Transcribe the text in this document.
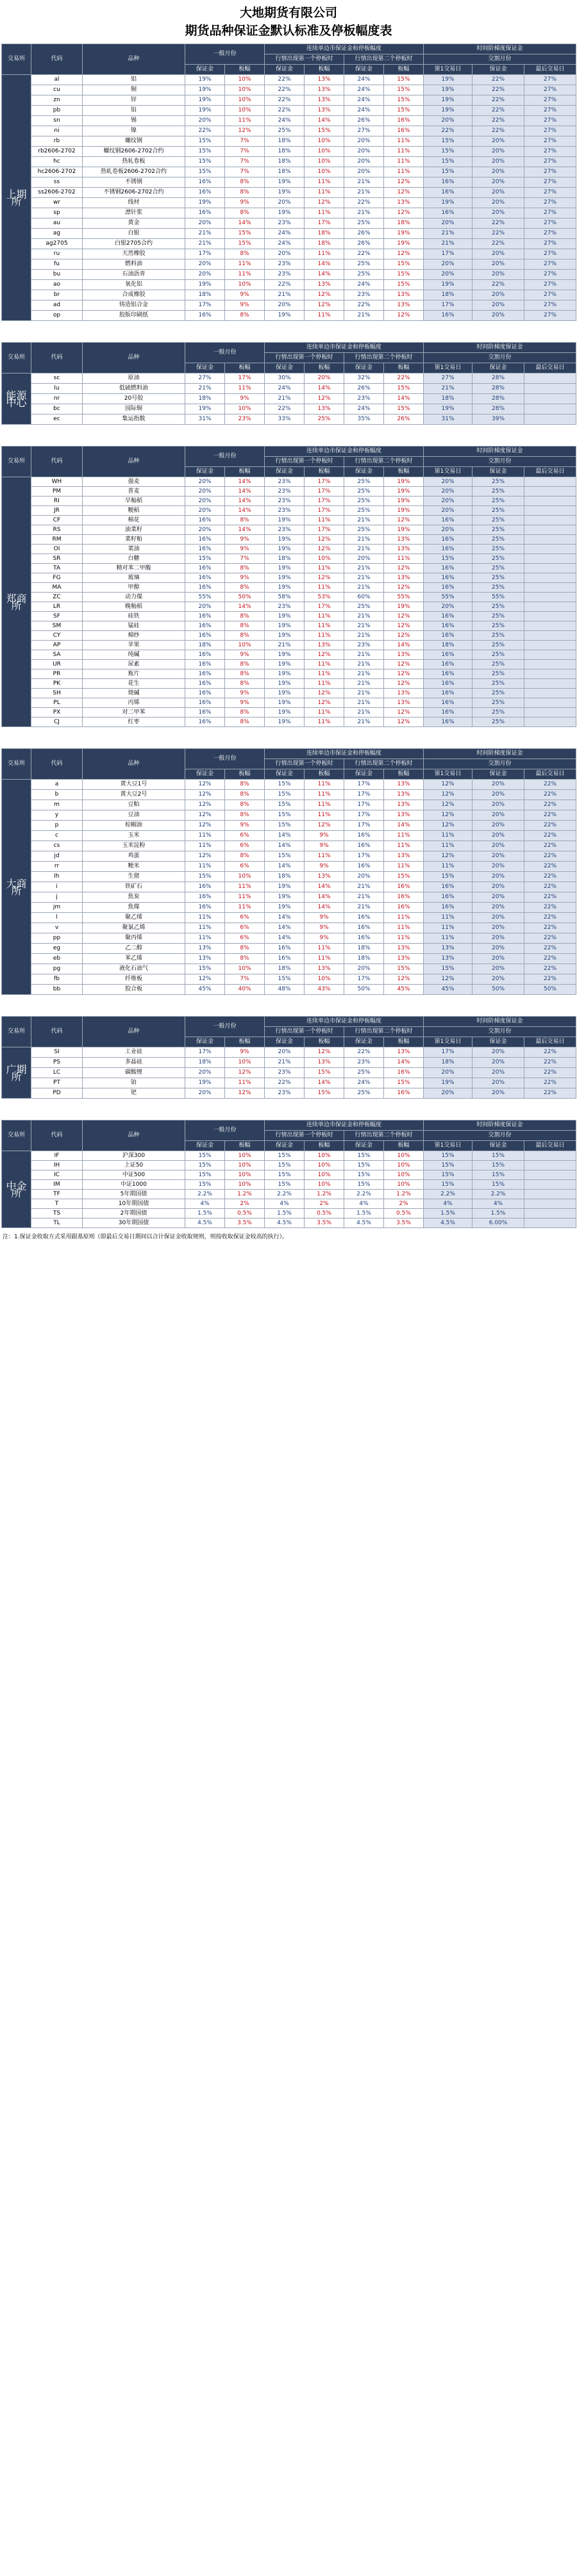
大地期货有限公司
期货品种保证金默认标准及停板幅度表
交易所	代码	品种	一般月份		连续单边市保证金和停板幅度				时间阶梯度保证金		
					行情出现第一个停板时		行情出现第二个停板时		交割月份		
			保证金	板幅	保证金	板幅	保证金	板幅	第1交易日	保证金	最后交易日
上期所	al	铝	19%	10%	22%	13%	24%	15%	19%	22%	27%
	cu	铜	19%	10%	22%	13%	24%	15%	19%	22%	27%
	zn	锌	19%	10%	22%	13%	24%	15%	19%	22%	27%
	pb	铅	19%	10%	22%	13%	24%	15%	19%	22%	27%
	sn	锡	20%	11%	24%	14%	26%	16%	20%	22%	27%
	ni	镍	22%	12%	25%	15%	27%	16%	22%	22%	27%
	rb	螺纹钢	15%	7%	18%	10%	20%	11%	15%	20%	27%
	rb2606-2702	螺纹钢2606-2702合约	15%	7%	18%	10%	20%	11%	15%	20%	27%
	hc	热轧卷板	15%	7%	18%	10%	20%	11%	15%	20%	27%
	hc2606-2702	热轧卷板2606-2702合约	15%	7%	18%	10%	20%	11%	15%	20%	27%
	ss	不锈钢	16%	8%	19%	11%	21%	12%	16%	20%	27%
	ss2606-2702	不锈钢2606-2702合约	16%	8%	19%	11%	21%	12%	16%	20%	27%
	wr	线材	19%	9%	20%	12%	22%	13%	19%	20%	27%
	sp	漂针浆	16%	8%	19%	11%	21%	12%	16%	20%	27%
	au	黄金	20%	14%	23%	17%	25%	18%	20%	22%	27%
	ag	白银	21%	15%	24%	18%	26%	19%	21%	22%	27%
	ag2705	白银2705合约	21%	15%	24%	18%	26%	19%	21%	22%	27%
	ru	天然橡胶	17%	8%	20%	11%	22%	12%	17%	20%	27%
	fu	燃料油	20%	11%	23%	14%	25%	15%	20%	20%	27%
	bu	石油沥青	20%	11%	23%	14%	25%	15%	20%	20%	27%
	ao	氧化铝	19%	10%	22%	13%	24%	15%	19%	22%	27%
	br	合成橡胶	18%	9%	21%	12%	23%	13%	18%	20%	27%
	ad	铸造铝合金	17%	9%	20%	12%	22%	13%	17%	20%	27%
	op	胶版印刷纸	16%	8%	19%	11%	21%	12%	16%	20%	27%

交易所	代码	品种	一般月份		连续单边市保证金和停板幅度				时间阶梯度保证金		
					行情出现第一个停板时		行情出现第二个停板时		交割月份		
			保证金	板幅	保证金	板幅	保证金	板幅	第1交易日	保证金	最后交易日
能源中心	sc	原油	27%	17%	30%	20%	32%	22%	27%	28%	
	lu	低硫燃料油	21%	11%	24%	14%	26%	15%	21%	28%	
	nr	20号胶	18%	9%	21%	12%	23%	14%	18%	28%	
	bc	国际铜	19%	10%	22%	13%	24%	15%	19%	28%	
	ec	集运指数	31%	23%	33%	25%	35%	26%	31%	39%	

交易所	代码	品种	一般月份		连续单边市保证金和停板幅度				时间阶梯度保证金		
					行情出现第一个停板时		行情出现第二个停板时		交割月份		
			保证金	板幅	保证金	板幅	保证金	板幅	第1交易日	保证金	最后交易日
郑商所	WH	强麦	20%	14%	23%	17%	25%	19%	20%	25%	
	PM	普麦	20%	14%	23%	17%	25%	19%	20%	25%	
	RI	早籼稻	20%	14%	23%	17%	25%	19%	20%	25%	
	JR	粳稻	20%	14%	23%	17%	25%	19%	20%	25%	
	CF	棉花	16%	8%	19%	11%	21%	12%	16%	25%	
	RS	油菜籽	20%	14%	23%	17%	25%	19%	20%	25%	
	RM	菜籽粕	16%	9%	19%	12%	21%	13%	16%	25%	
	OI	菜油	16%	9%	19%	12%	21%	13%	16%	25%	
	SR	白糖	15%	7%	18%	10%	20%	11%	15%	25%	
	TA	精对苯二甲酸	16%	8%	19%	11%	21%	12%	16%	25%	
	FG	玻璃	16%	9%	19%	12%	21%	13%	16%	25%	
	MA	甲醇	16%	8%	19%	11%	21%	12%	16%	25%	
	ZC	动力煤	55%	50%	58%	53%	60%	55%	55%	55%	
	LR	晚籼稻	20%	14%	23%	17%	25%	19%	20%	25%	
	SF	硅铁	16%	8%	19%	11%	21%	12%	16%	25%	
	SM	锰硅	16%	8%	19%	11%	21%	12%	16%	25%	
	CY	棉纱	16%	8%	19%	11%	21%	12%	16%	25%	
	AP	苹果	18%	10%	21%	13%	23%	14%	18%	25%	
	SA	纯碱	16%	9%	19%	12%	21%	13%	16%	25%	
	UR	尿素	16%	8%	19%	11%	21%	12%	16%	25%	
	PR	瓶片	16%	8%	19%	11%	21%	12%	16%	25%	
	PK	花生	16%	8%	19%	11%	21%	12%	16%	25%	
	SH	烧碱	16%	9%	19%	12%	21%	13%	16%	25%	
	PL	丙烯	16%	9%	19%	12%	21%	13%	16%	25%	
	PX	对二甲苯	16%	8%	19%	11%	21%	12%	16%	25%	
	CJ	红枣	16%	8%	19%	11%	21%	12%	16%	25%	

交易所	代码	品种	一般月份		连续单边市保证金和停板幅度				时间阶梯度保证金		
					行情出现第一个停板时		行情出现第二个停板时		交割月份		
			保证金	板幅	保证金	板幅	保证金	板幅	第1交易日	保证金	最后交易日
大商所	a	黄大豆1号	12%	8%	15%	11%	17%	13%	12%	20%	22%
	b	黄大豆2号	12%	8%	15%	11%	17%	13%	12%	20%	22%
	m	豆粕	12%	8%	15%	11%	17%	13%	12%	20%	22%
	y	豆油	12%	8%	15%	11%	17%	13%	12%	20%	22%
	p	棕榈油	12%	9%	15%	12%	17%	14%	12%	20%	22%
	c	玉米	11%	6%	14%	9%	16%	11%	11%	20%	22%
	cs	玉米淀粉	11%	6%	14%	9%	16%	11%	11%	20%	22%
	jd	鸡蛋	12%	8%	15%	11%	17%	13%	12%	20%	22%
	rr	粳米	11%	6%	14%	9%	16%	11%	11%	20%	22%
	lh	生猪	15%	10%	18%	13%	20%	15%	15%	20%	22%
	i	铁矿石	16%	11%	19%	14%	21%	16%	16%	20%	22%
	j	焦炭	16%	11%	19%	14%	21%	16%	16%	20%	22%
	jm	焦煤	16%	11%	19%	14%	21%	16%	16%	20%	22%
	l	聚乙烯	11%	6%	14%	9%	16%	11%	11%	20%	22%
	v	聚氯乙烯	11%	6%	14%	9%	16%	11%	11%	20%	22%
	pp	聚丙烯	11%	6%	14%	9%	16%	11%	11%	20%	22%
	eg	乙二醇	13%	8%	16%	11%	18%	13%	13%	20%	22%
	eb	苯乙烯	13%	8%	16%	11%	18%	13%	13%	20%	22%
	pg	液化石油气	15%	10%	18%	13%	20%	15%	15%	20%	22%
	fb	纤维板	12%	7%	15%	10%	17%	12%	12%	20%	22%
	bb	胶合板	45%	40%	48%	43%	50%	45%	45%	50%	50%

交易所	代码	品种	一般月份		连续单边市保证金和停板幅度				时间阶梯度保证金		
					行情出现第一个停板时		行情出现第二个停板时		交割月份		
			保证金	板幅	保证金	板幅	保证金	板幅	第1交易日	保证金	最后交易日
广期所	SI	工业硅	17%	9%	20%	12%	22%	13%	17%	20%	22%
	PS	多晶硅	18%	10%	21%	13%	23%	14%	18%	20%	22%
	LC	碳酸锂	20%	12%	23%	15%	25%	16%	20%	20%	22%
	PT	铂	19%	11%	22%	14%	24%	15%	19%	20%	22%
	PD	钯	20%	12%	23%	15%	25%	16%	20%	20%	22%

交易所	代码	品种	一般月份		连续单边市保证金和停板幅度				时间阶梯度保证金		
					行情出现第一个停板时		行情出现第二个停板时		交割月份		
			保证金	板幅	保证金	板幅	保证金	板幅	第1交易日	保证金	最后交易日
中金所	IF	沪深300	15%	10%	15%	10%	15%	10%	15%	15%	
	IH	上证50	15%	10%	15%	10%	15%	10%	15%	15%	
	IC	中证500	15%	10%	15%	10%	15%	10%	15%	15%	
	IM	中证1000	15%	10%	15%	10%	15%	10%	15%	15%	
	TF	5年期国债	2.2%	1.2%	2.2%	1.2%	2.2%	1.2%	2.2%	2.2%	
	T	10年期国债	4%	2%	4%	2%	4%	2%	4%	4%	
	TS	2年期国债	1.5%	0.5%	1.5%	0.5%	1.5%	0.5%	1.5%	1.5%	
	TL	30年期国债	4.5%	3.5%	4.5%	3.5%	4.5%	3.5%	4.5%	6.00%	
注：1.保证金收取方式采用跟基原则（即最后交易日期间以合计保证金收取规则，则按收取保证金较高的执行）。
